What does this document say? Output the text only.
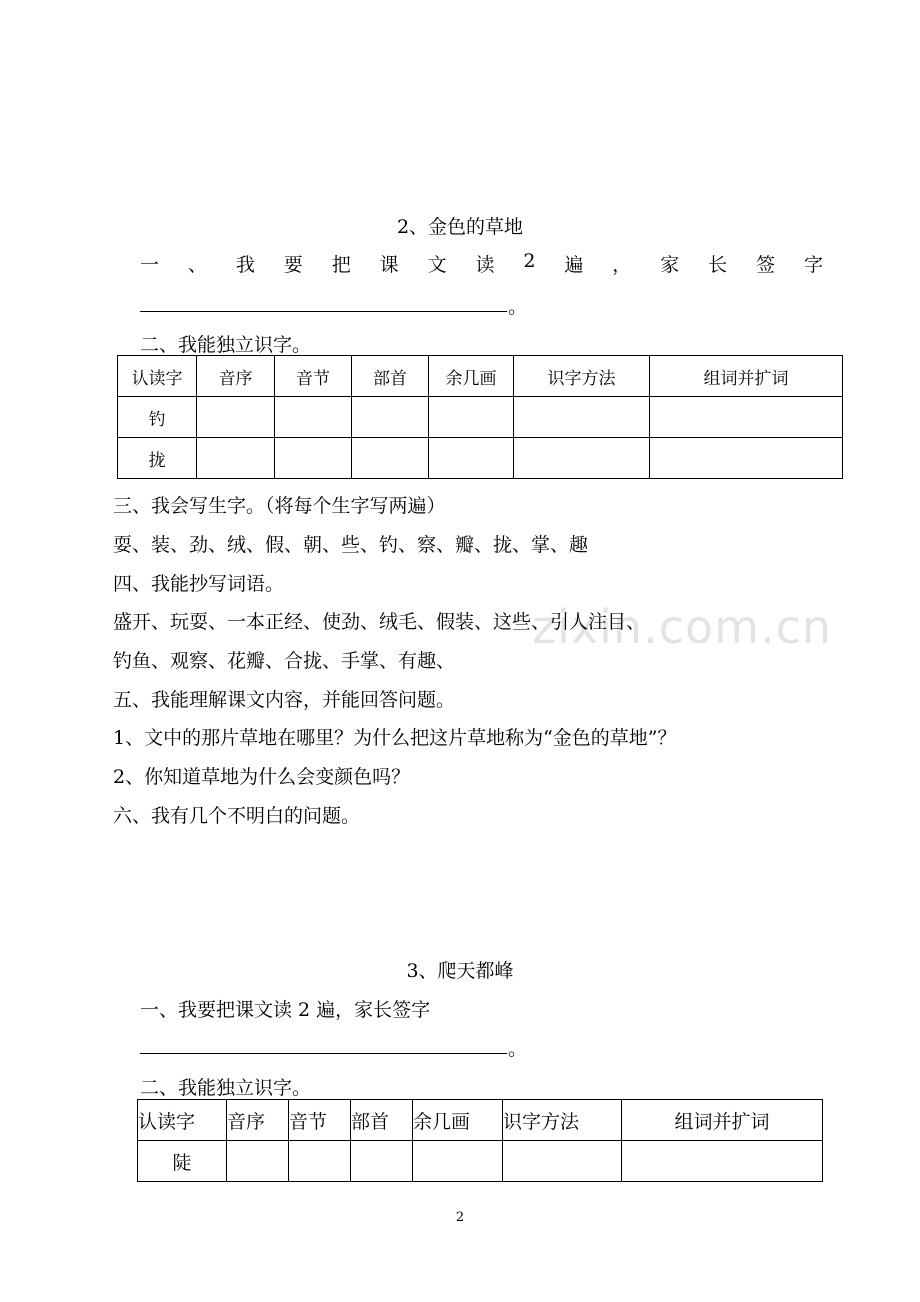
2、金色的草地
一 、 我 要 把 课 文 读 2 遍 ， 家 长 签 字
。
二、我能独立识字。
认读字	音序	音节	部首	余几画	识字方法	组词并扩词
钓						
拢						
三、我会写生字。（将每个生字写两遍）
耍、装、劲、绒、假、朝、些、钓、察、瓣、拢、掌、趣
四、我能抄写词语。
盛开、玩耍、一本正经、使劲、绒毛、假装、这些、引人注目、
钓鱼、观察、花瓣、合拢、手掌、有趣、
五、我能理解课文内容，并能回答问题。
1、文中的那片草地在哪里？为什么把这片草地称为“金色的草地”？
2、你知道草地为什么会变颜色吗？
六、我有几个不明白的问题。
zixin.com.cn
3、爬天都峰
一、我要把课文读 2 遍，家长签字
。
二、我能独立识字。
认读字	音序	音节	部首	余几画	识字方法	组词并扩词
陡						
2
